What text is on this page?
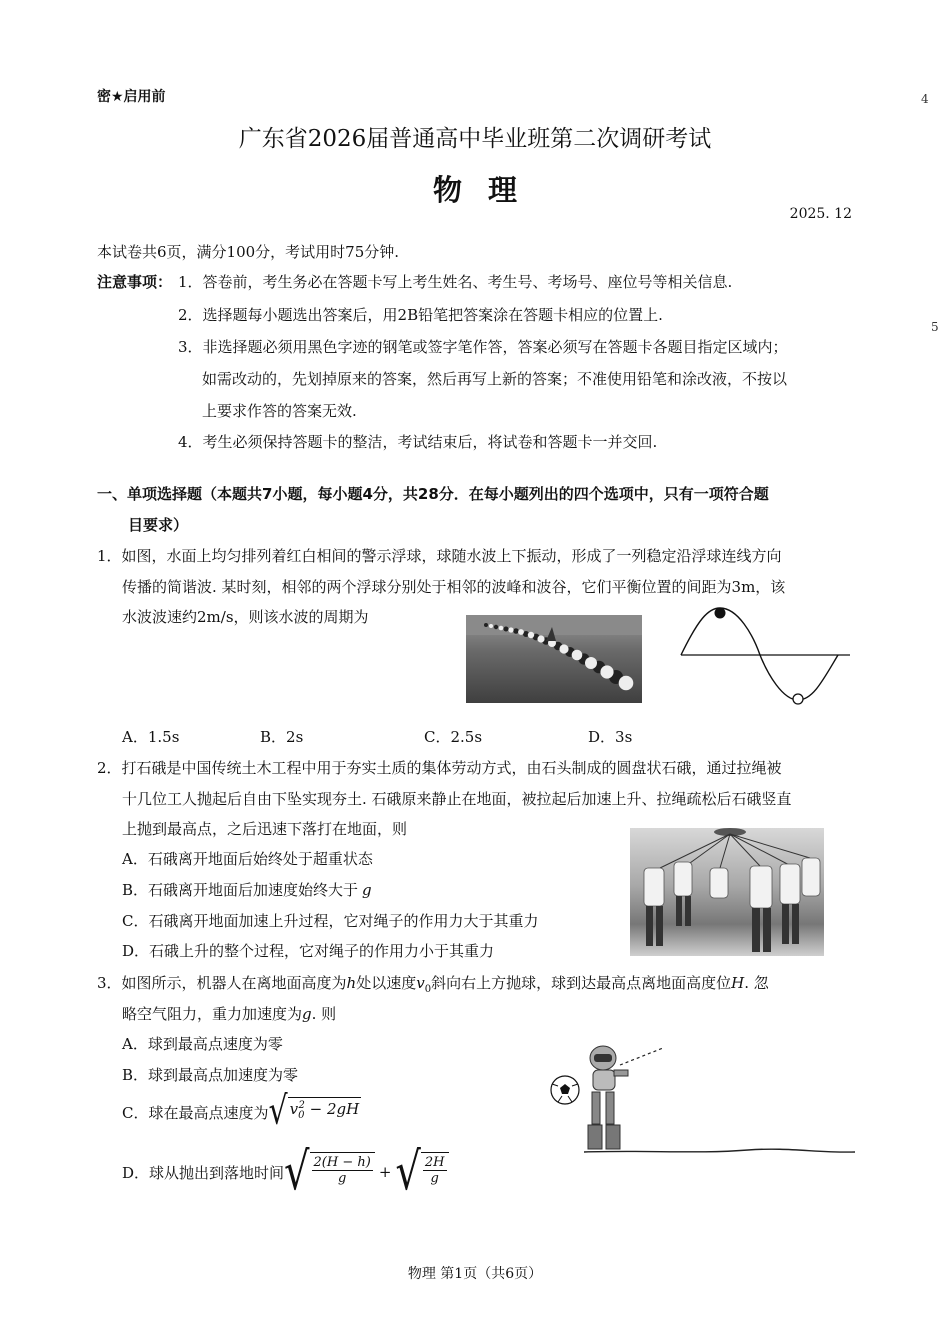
密★启用前	4
5
广东省2026届普通高中毕业班第二次调研考试
物理
2025. 12
本试卷共6页，满分100分，考试用时75分钟.
注意事项： 1．答卷前，考生务必在答题卡写上考生姓名、考生号、考场号、座位号等相关信息.
2．选择题每小题选出答案后，用2B铅笔把答案涂在答题卡相应的位置上.
3．非选择题必须用黑色字迹的钢笔或签字笔作答，答案必须写在答题卡各题目指定区域内；
如需改动的，先划掉原来的答案，然后再写上新的答案；不准使用铅笔和涂改液，不按以
上要求作答的答案无效.
4．考生必须保持答题卡的整洁，考试结束后，将试卷和答题卡一并交回.
一、单项选择题（本题共7小题，每小题4分，共28分．在每小题列出的四个选项中，只有一项符合题
目要求）
1．如图，水面上均匀排列着红白相间的警示浮球，球随水波上下振动，形成了一列稳定沿浮球连线方向
传播的简谐波. 某时刻，相邻的两个浮球分别处于相邻的波峰和波谷，它们平衡位置的间距为3m，该
水波波速约2m/s，则该水波的周期为
A．1.5s	B．2s	C．2.5s	D．3s
2．打石硪是中国传统土木工程中用于夯实土质的集体劳动方式，由石头制成的圆盘状石硪，通过拉绳被
十几位工人抛起后自由下坠实现夯土. 石硪原来静止在地面，被拉起后加速上升、拉绳疏松后石硪竖直
上抛到最高点，之后迅速下落打在地面，则
A．石硪离开地面后始终处于超重状态
B．石硪离开地面后加速度始终大于 g
C．石硪离开地面加速上升过程，它对绳子的作用力大于其重力
D．石硪上升的整个过程，它对绳子的作用力小于其重力
3．如图所示，机器人在离地面高度为h处以速度$v_0$斜向右上方抛球，球到达最高点离地面高度位H. 忽
略空气阻力，重力加速度为g. 则
A．球到最高点速度为零
B．球到最高点加速度为零
C．球在最高点速度为 √ $v_0^2 - 2gH$
D．球从抛出到落地时间 √ $\frac{2(H - h)}{g}$ + √ $\frac{2H}{g}$
物理 第1页（共6页）
